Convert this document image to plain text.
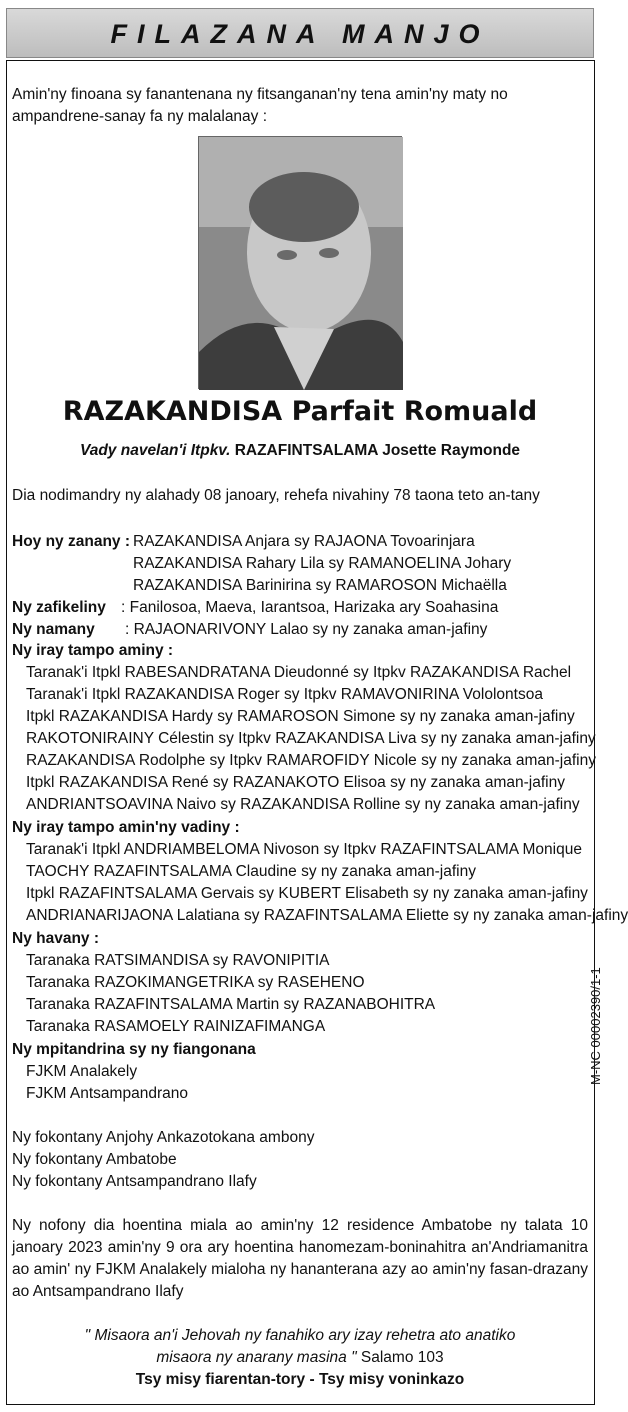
FILAZANA MANJO
Amin'ny finoana sy fanantenana ny fitsanganan'ny tena amin'ny maty no ampandrene-sanay fa ny malalanay :
RAZAKANDISA Parfait Romuald
Vady navelan'i Itpkv. RAZAFINTSALAMA Josette Raymonde
Dia nodimandry ny alahady 08 janoary, rehefa nivahiny 78 taona teto an-tany
Hoy ny zanany : RAZAKANDISA Anjara sy RAJAONA Tovoarinjara
RAZAKANDISA Rahary Lila sy RAMANOELINA Johary
RAZAKANDISA Barinirina sy RAMAROSON Michaëlla
Ny zafikeliny : Fanilosoa, Maeva, Iarantsoa, Harizaka ary Soahasina
Ny namany : RAJAONARIVONY Lalao sy ny zanaka aman-jafiny
Ny iray tampo aminy :
Taranak'i Itpkl RABESANDRATANA Dieudonné sy Itpkv RAZAKANDISA Rachel
Taranak'i Itpkl RAZAKANDISA Roger sy Itpkv RAMAVONIRINA Vololontsoa
Itpkl RAZAKANDISA Hardy sy RAMAROSON Simone sy ny zanaka aman-jafiny
RAKOTONIRAINY Célestin sy Itpkv RAZAKANDISA Liva sy ny zanaka aman-jafiny
RAZAKANDISA Rodolphe sy Itpkv RAMAROFIDY Nicole sy ny zanaka aman-jafiny
Itpkl RAZAKANDISA René sy RAZANAKOTO Elisoa sy ny zanaka aman-jafiny
ANDRIANTSOAVINA Naivo sy RAZAKANDISA Rolline sy ny zanaka aman-jafiny
Ny iray tampo amin'ny vadiny :
Taranak'i Itpkl ANDRIAMBELOMA Nivoson sy Itpkv RAZAFINTSALAMA Monique
TAOCHY RAZAFINTSALAMA Claudine sy ny zanaka aman-jafiny
Itpkl RAZAFINTSALAMA Gervais sy KUBERT Elisabeth sy ny zanaka aman-jafiny
ANDRIANARIJAONA Lalatiana sy RAZAFINTSALAMA Eliette sy ny zanaka aman-jafiny
Ny havany :
Taranaka RATSIMANDISA sy RAVONIPITIA
Taranaka RAZOKIMANGETRIKA sy RASEHENO
Taranaka RAZAFINTSALAMA Martin sy RAZANABOHITRA
Taranaka RASAMOELY RAINIZAFIMANGA
Ny mpitandrina sy ny fiangonana
FJKM Analakely
FJKM Antsampandrano
Ny fokontany Anjohy Ankazotokana ambony
Ny fokontany Ambatobe
Ny fokontany Antsampandrano Ilafy
Ny nofony dia hoentina miala ao amin'ny 12 residence Ambatobe ny talata 10 janoary 2023 amin'ny 9 ora ary hoentina hanomezam-boninahitra an'Andriamanitra ao amin' ny FJKM Analakely mialoha ny hananterana azy ao amin'ny fasan-drazany ao Antsampandrano Ilafy
" Misaora an'i Jehovah ny fanahiko ary izay rehetra ato anatiko
misaora ny anarany masina " Salamo 103
Tsy misy fiarentan-tory - Tsy misy voninkazo
M-NC 00002390/1-1
